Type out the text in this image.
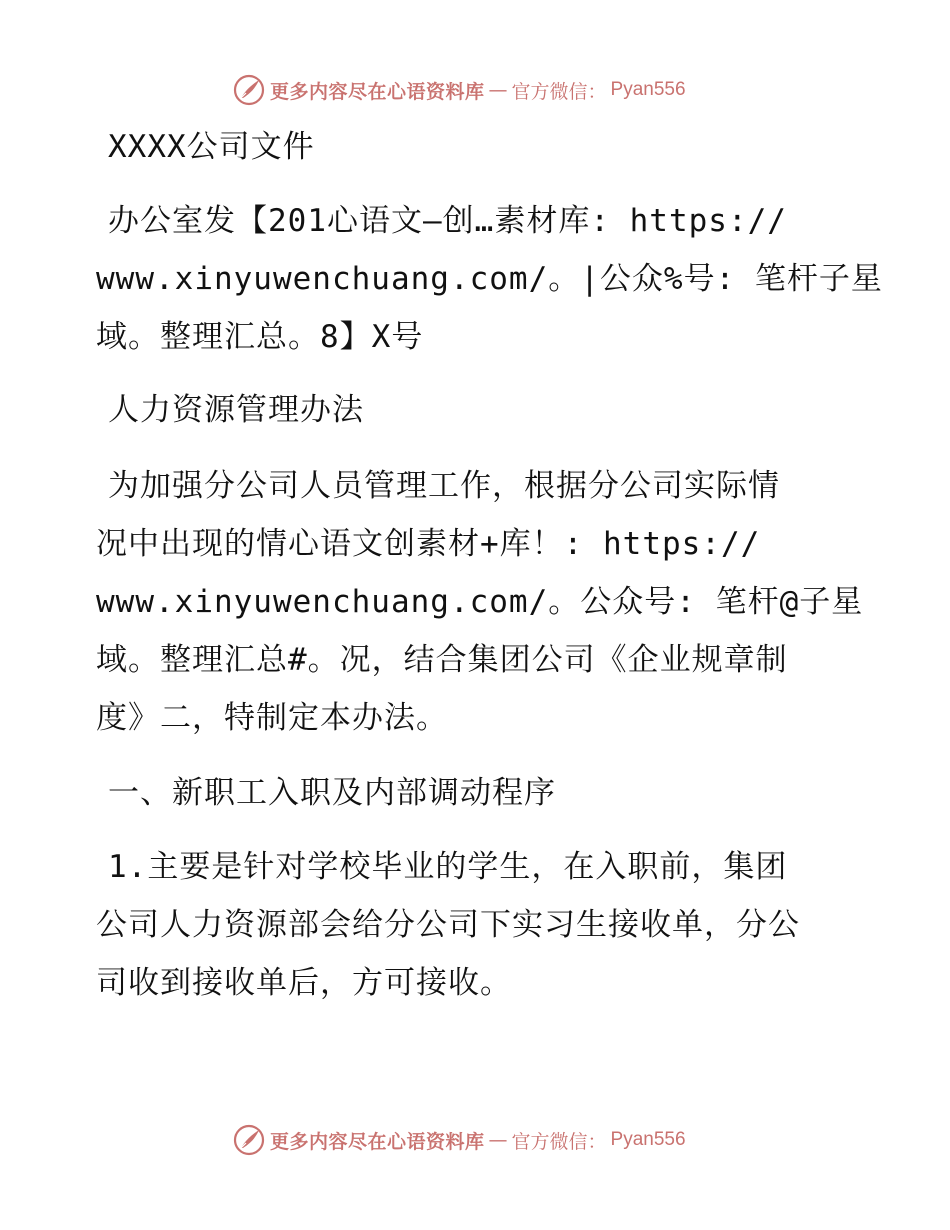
更多内容尽在心语资料库 — 官方微信： Pyan556
XXXX公司文件
办公室发【201心语文—创…素材库: https://
www.xinyuwenchuang.com/。|公众%号: 笔杆子星
域。整理汇总。8】X号
人力资源管理办法
为加强分公司人员管理工作，根据分公司实际情
况中出现的情心语文创素材+库！: https://
www.xinyuwenchuang.com/。公众号: 笔杆@子星
域。整理汇总#。况，结合集团公司《企业规章制
度》二，特制定本办法。
一、新职工入职及内部调动程序
1.主要是针对学校毕业的学生，在入职前，集团
公司人力资源部会给分公司下实习生接收单，分公
司收到接收单后，方可接收。
更多内容尽在心语资料库 — 官方微信： Pyan556
